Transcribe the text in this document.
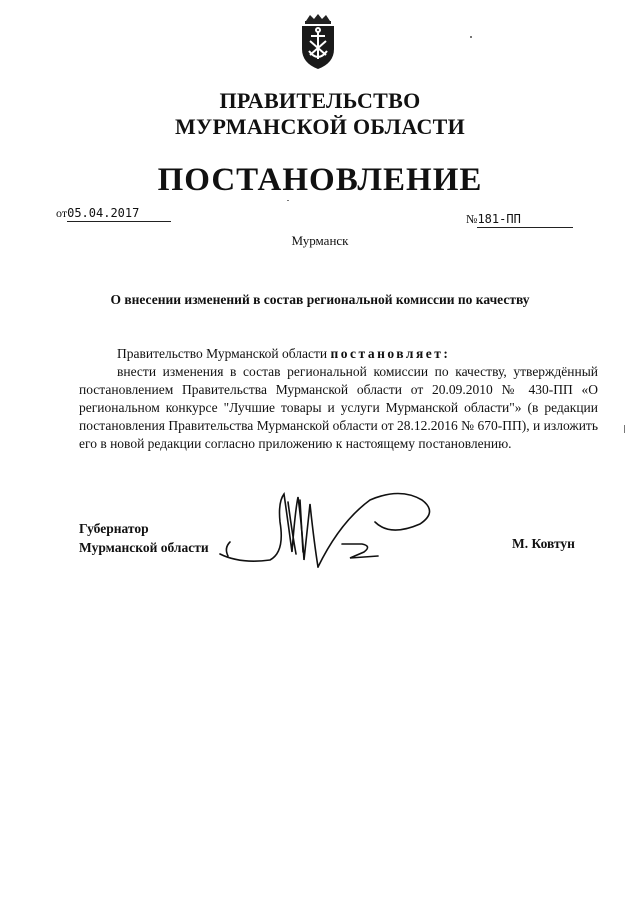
ПРАВИТЕЛЬСТВО
МУРМАНСКОЙ ОБЛАСТИ
ПОСТАНОВЛЕНИЕ
от05.04.2017	№181-ПП
Мурманск
О внесении изменений в состав региональной комиссии по качеству

Правительство Мурманской области постановляет:

внести изменения в состав региональной комиссии по качеству, утверждённый постановлением Правительства Мурманской области от 20.09.2010 № 430-ПП «О региональном конкурсе "Лучшие товары и услуги Мурманской области"» (в редакции постановления Правительства Мурманской области от 28.12.2016 № 670-ПП), и изложить его в новой редакции согласно приложению к настоящему постановлению.

Губернатор
Мурманской области	М. Ковтун
